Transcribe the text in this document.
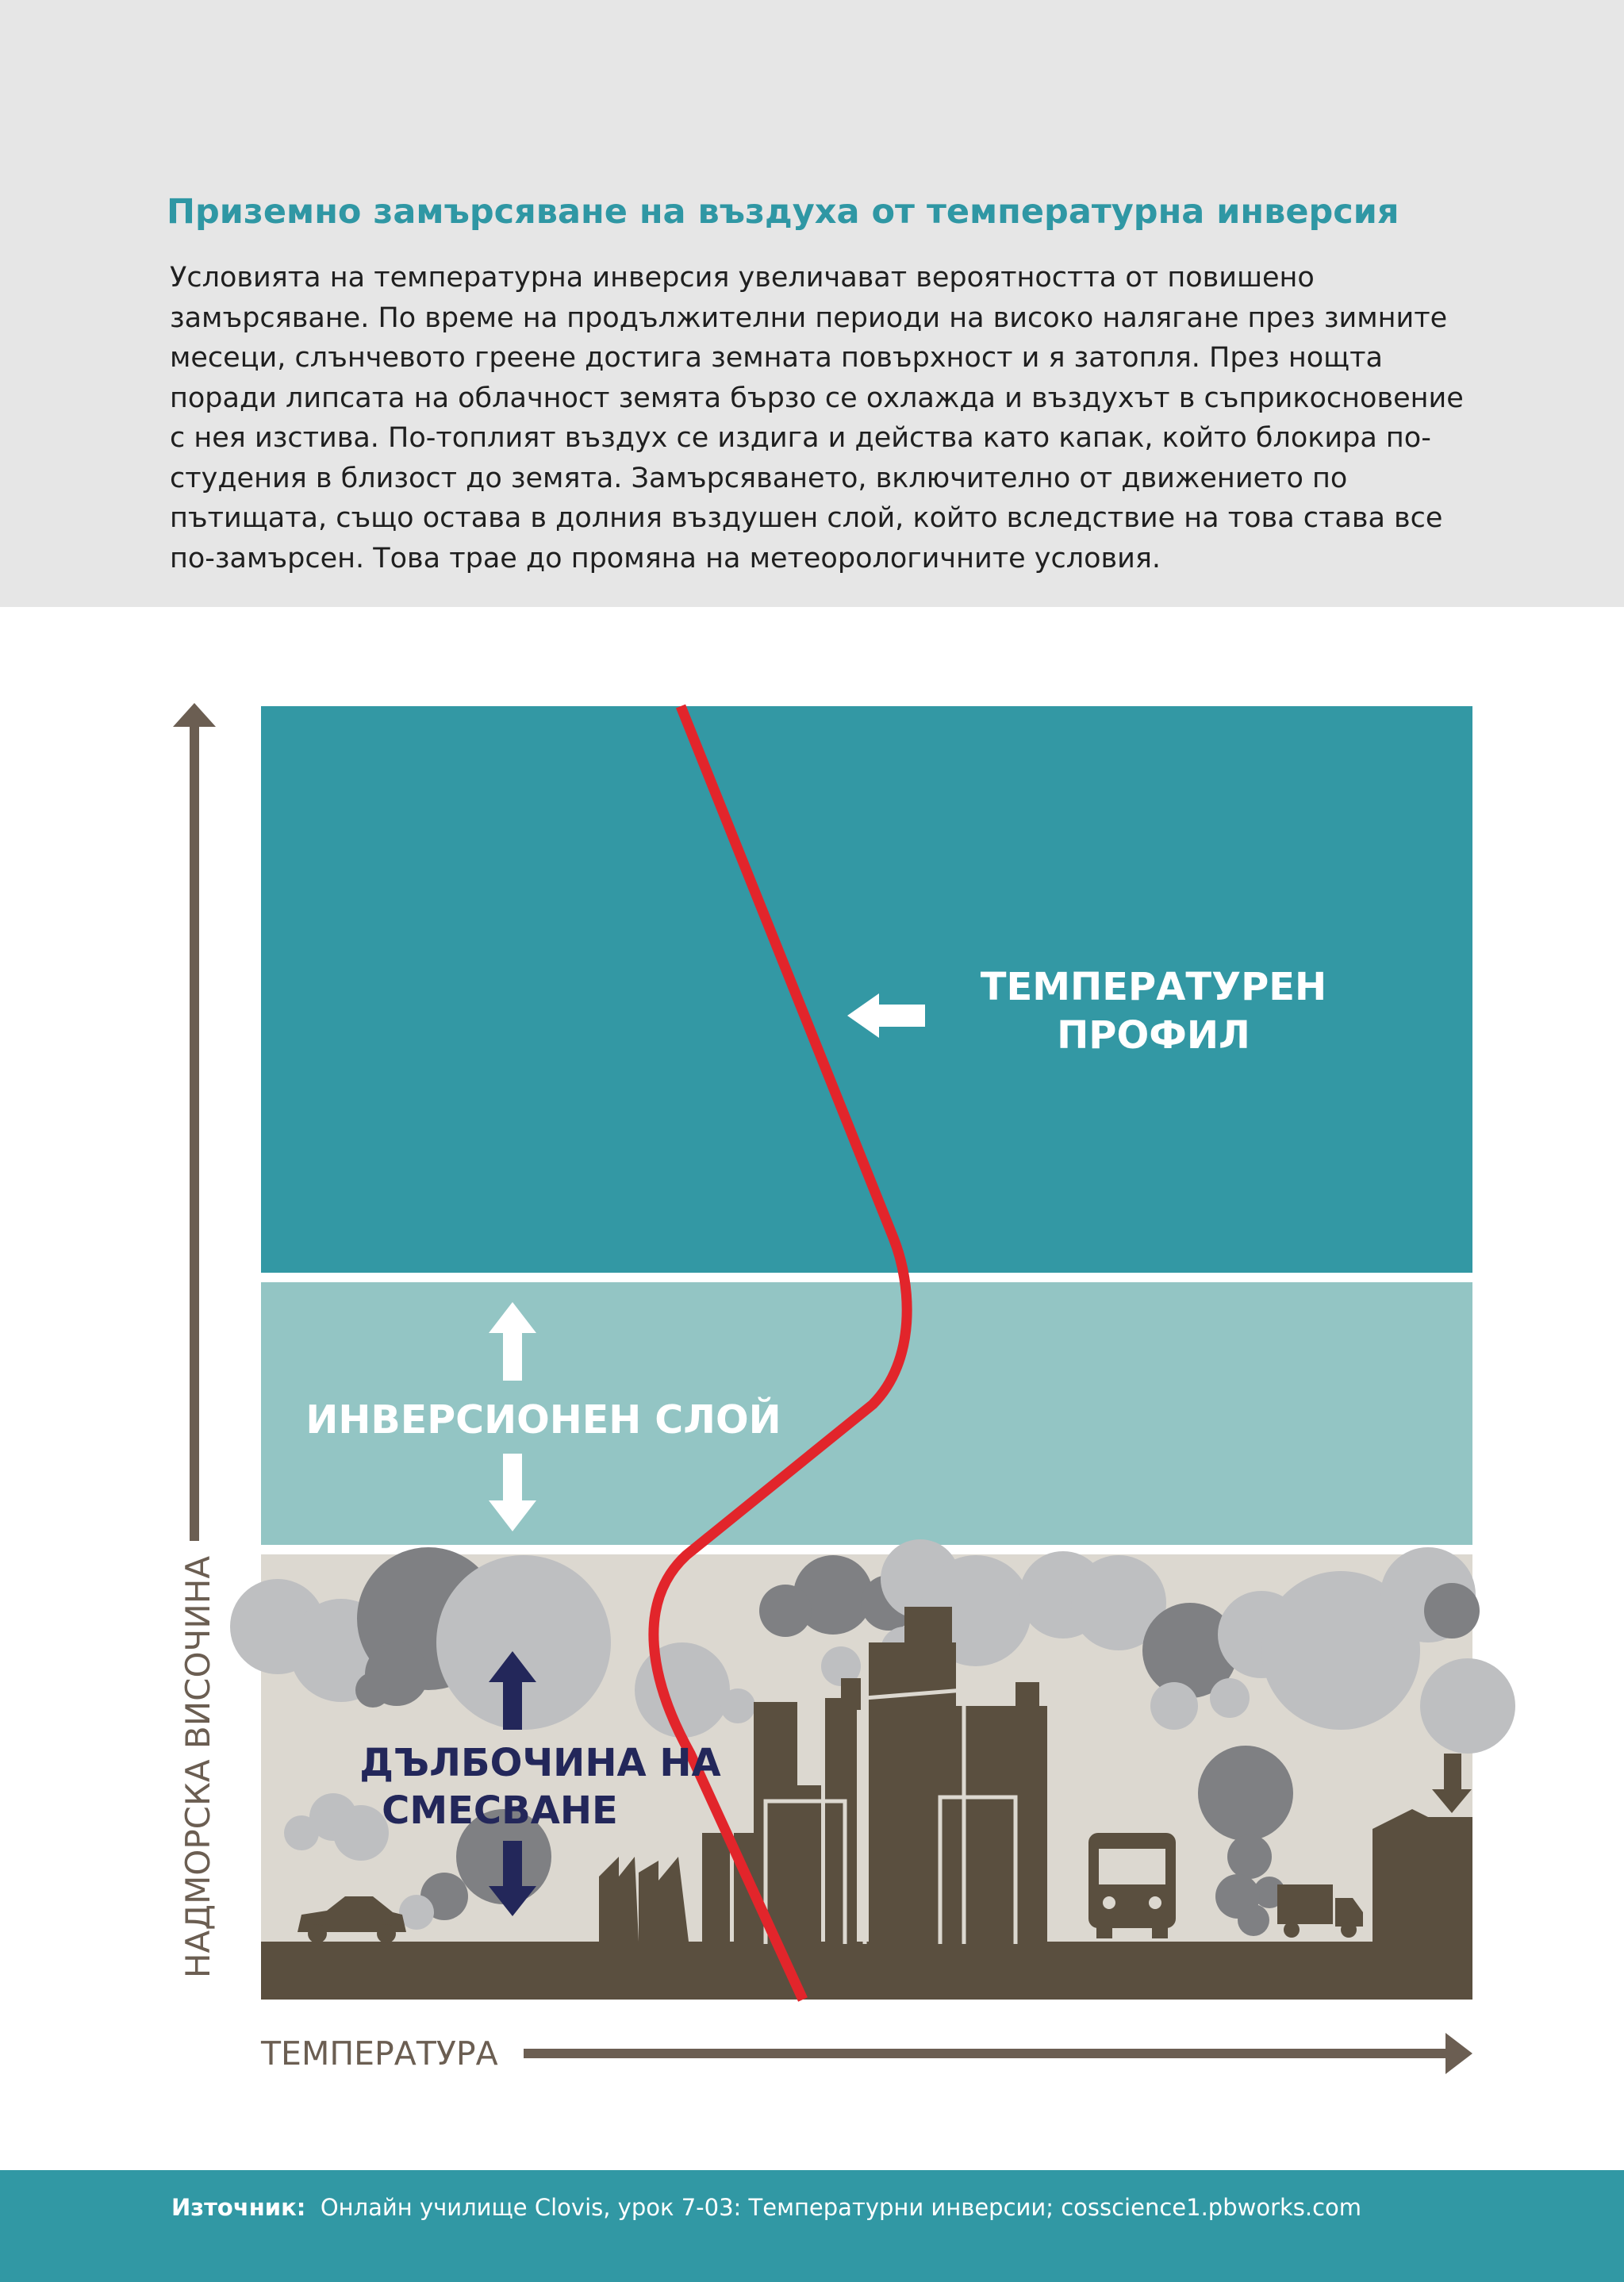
Приземно замърсяване на въздуха от температурна инверсия

Условията на температурна инверсия увеличават вероятността от повишено
замърсяване. По време на продължителни периоди на високо налягане през зимните
месеци, слънчевото греене достига земната повърхност и я затопля. През нощта
поради липсата на облачност земята бързо се охлажда и въздухът в съприкосновение
с нея изстива. По-топлият въздух се издига и действа като капак, който блокира по-
студения в близост до земята. Замърсяването, включително от движението по
пътищата, също остава в долния въздушен слой, който вследствие на това става все
по-замърсен. Това трае до промяна на метеорологичните условия.

ТЕМПЕРАТУРЕН
ПРОФИЛ
ИНВЕРСИОНЕН СЛОЙ
ДЪЛБОЧИНА НА
СМЕСВАНЕ
НАДМОРСКА ВИСОЧИНА
ТЕМПЕРАТУРА
Източник: Онлайн училище Clovis, урок 7-03: Температурни инверсии; cosscience1.pbworks.com
